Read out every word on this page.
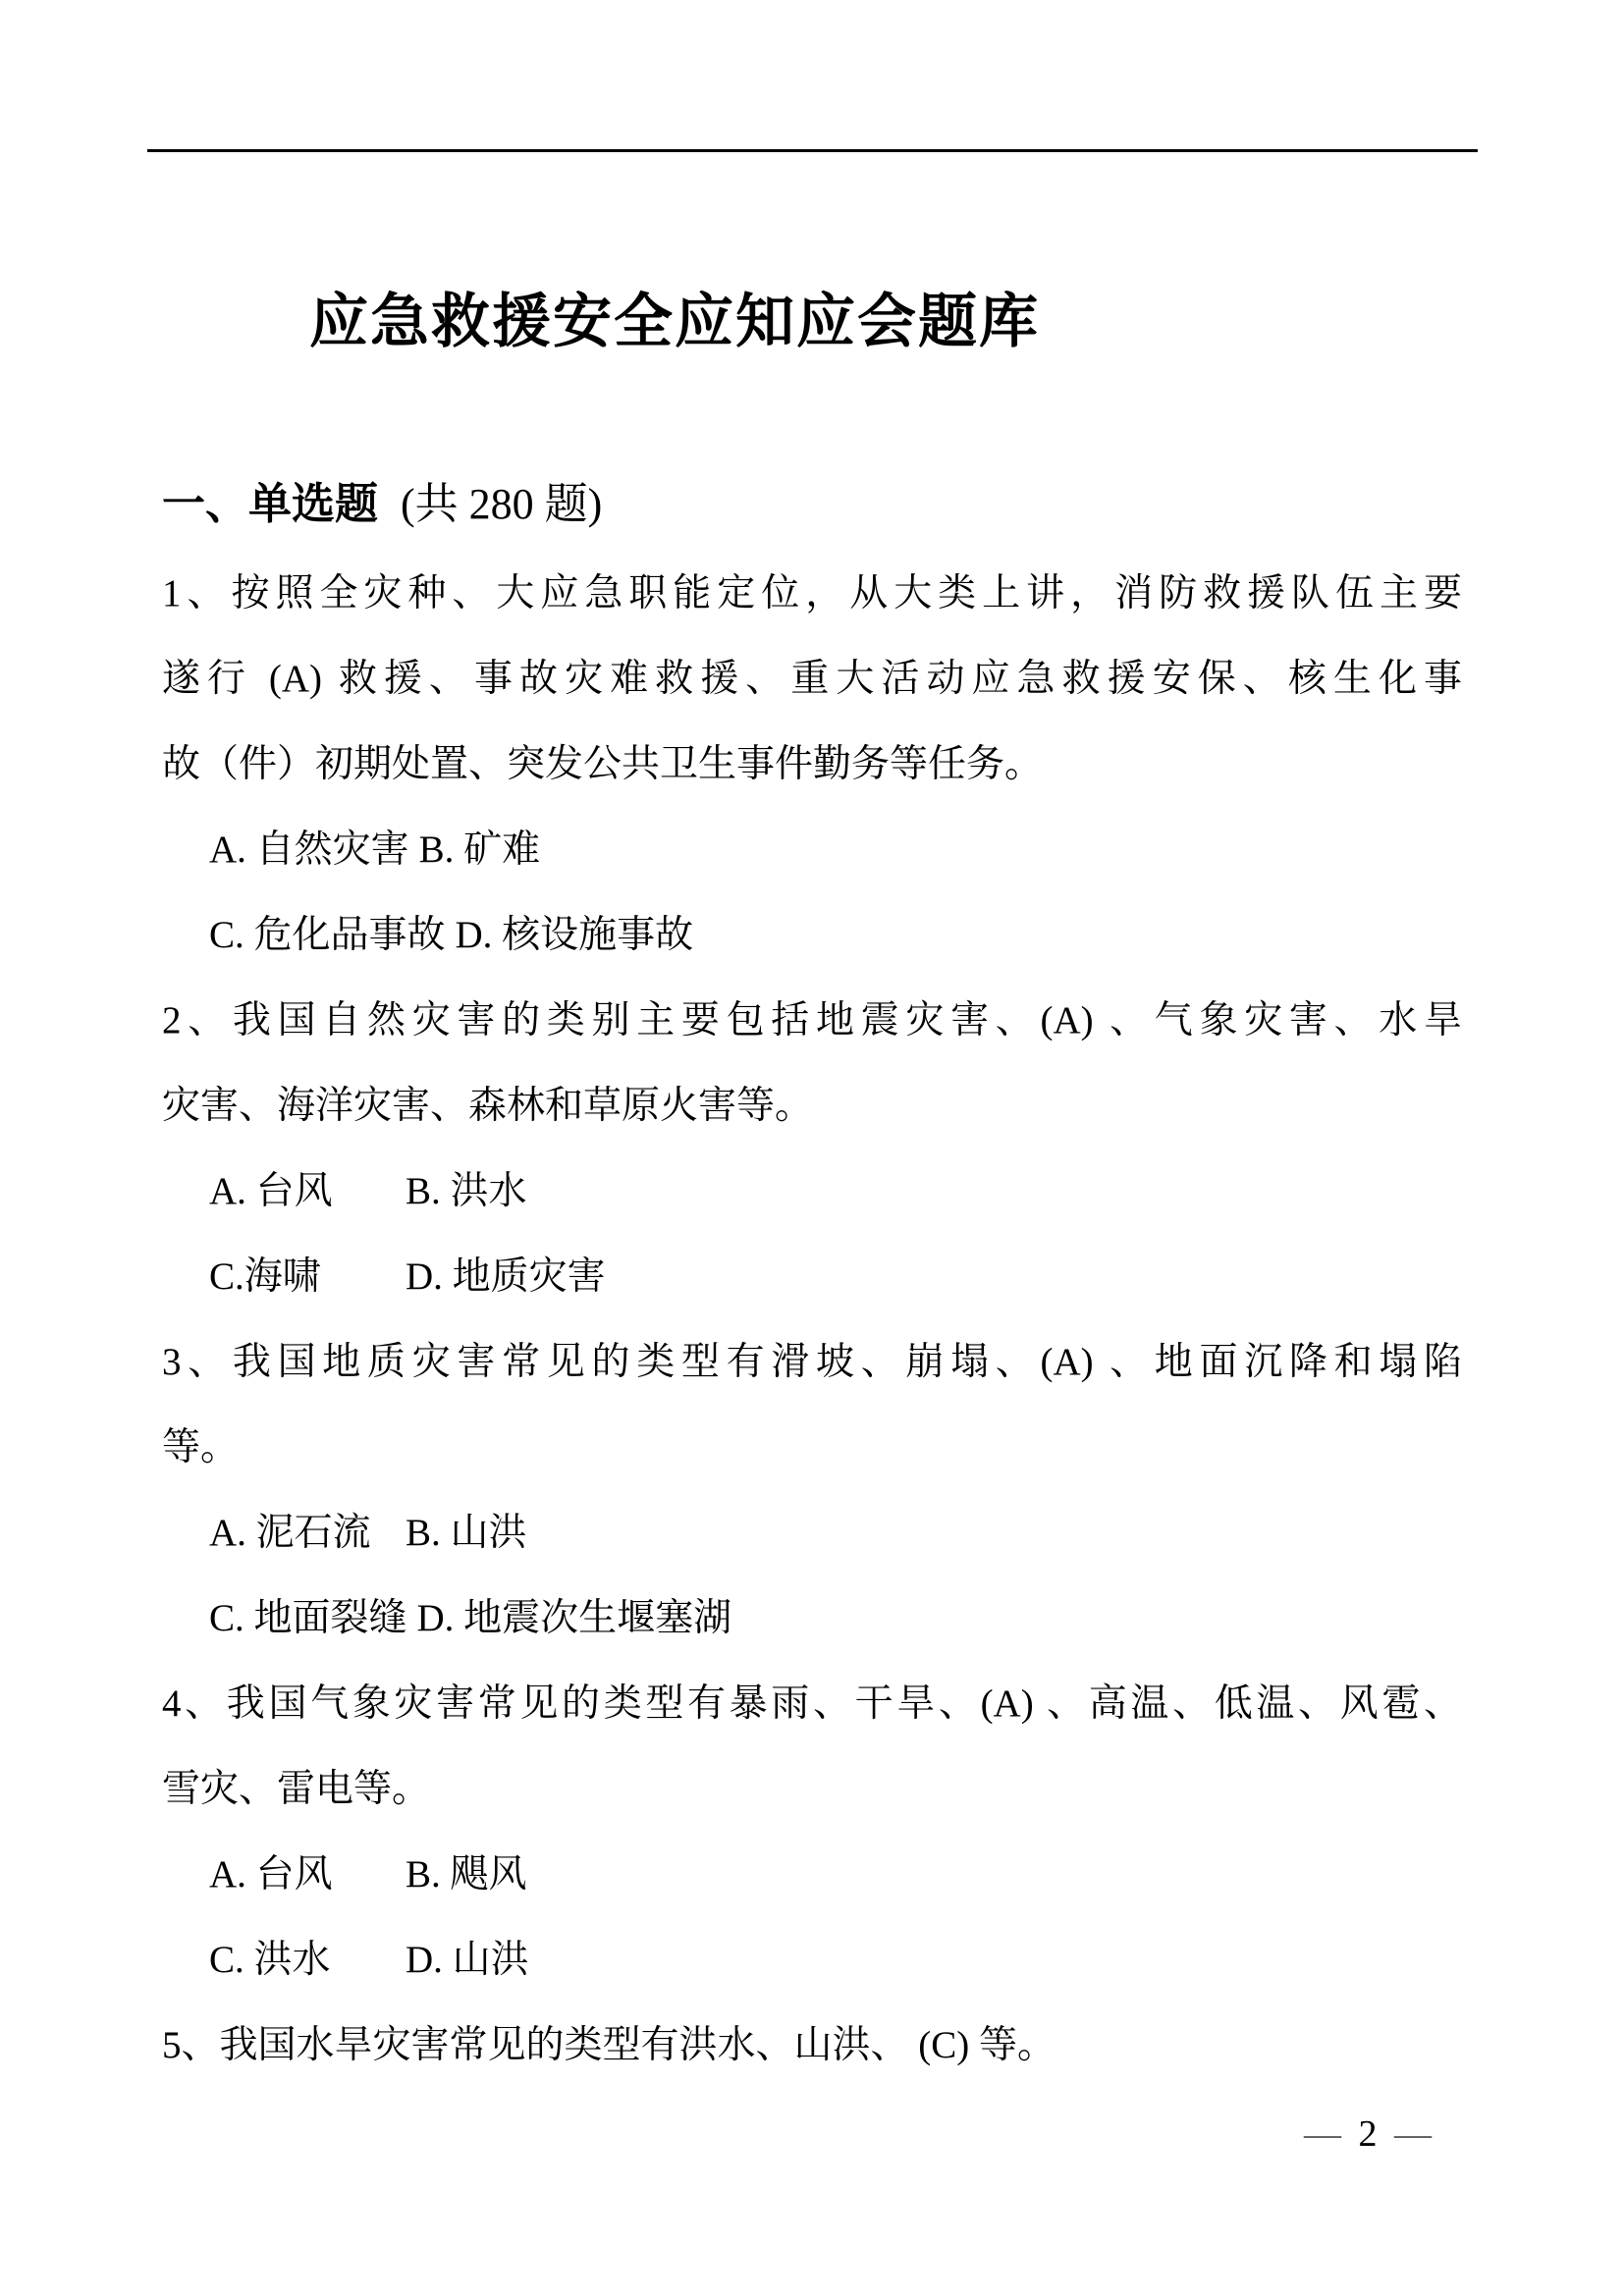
应急救援安全应知应会题库
一、单选题 (共 280 题)
1、按照全灾种、大应急职能定位，从大类上讲，消防救援队伍主要
遂行 (A) 救援、事故灾难救援、重大活动应急救援安保、核生化事
故（件）初期处置、突发公共卫生事件勤务等任务。
A. 自然灾害 B. 矿难
C. 危化品事故 D. 核设施事故
2、我国自然灾害的类别主要包括地震灾害、(A) 、气象灾害、水旱
灾害、海洋灾害、森林和草原火害等。
A. 台风 B. 洪水
C.海啸 D. 地质灾害
3、我国地质灾害常见的类型有滑坡、崩塌、(A) 、地面沉降和塌陷
等。
A. 泥石流 B. 山洪
C. 地面裂缝 D. 地震次生堰塞湖
4、我国气象灾害常见的类型有暴雨、干旱、(A) 、高温、低温、风雹、
雪灾、雷电等。
A. 台风 B. 飓风
C. 洪水 D. 山洪
5、我国水旱灾害常见的类型有洪水、山洪、 (C) 等。
— 2 —
